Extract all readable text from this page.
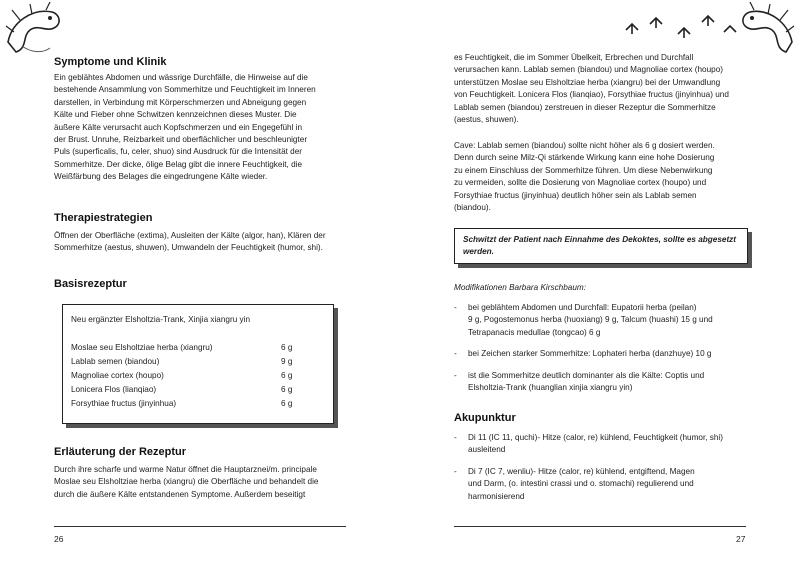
Symptome und Klinik
Ein geblähtes Abdomen und wässrige Durchfälle, die Hinweise auf die
bestehende Ansammlung von Sommerhitze und Feuchtigkeit im Inneren
darstellen, in Verbindung mit Körperschmerzen und Abneigung gegen
Kälte und Fieber ohne Schwitzen kennzeichnen dieses Muster. Die
äußere Kälte verursacht auch Kopfschmerzen und ein Engegefühl in
der Brust. Unruhe, Reizbarkeit und oberflächlicher und beschleunigter
Puls (superficalis, fu, celer, shuo) sind Ausdruck für die Intensität der
Sommerhitze. Der dicke, ölige Belag gibt die innere Feuchtigkeit, die
Weißfärbung des Belages die eingedrungene Kälte wieder.
Therapiestrategien
Öffnen der Oberfläche (extima), Ausleiten der Kälte (algor, han), Klären der
Sommerhitze (aestus, shuwen), Umwandeln der Feuchtigkeit (humor, shi).
Basisrezeptur
Neu ergänzter Elsholtzia-Trank, Xinjia xiangru yin
Moslae seu Elsholtziae herba (xiangru)	6 g
Lablab semen (biandou)	9 g
Magnoliae cortex (houpo)	6 g
Lonicera Flos (lianqiao)	6 g
Forsythiae fructus (jinyinhua)	6 g
Erläuterung der Rezeptur
Durch ihre scharfe und warme Natur öffnet die Hauptarznei/m. principale
Moslae seu Elsholtziae herba (xiangru) die Oberfläche und behandelt die
durch die äußere Kälte entstandenen Symptome. Außerdem beseitigt
26
es Feuchtigkeit, die im Sommer Übelkeit, Erbrechen und Durchfall
verursachen kann. Lablab semen (biandou) und Magnoliae cortex (houpo)
unterstützen Moslae seu Elsholtziae herba (xiangru) bei der Umwandlung
von Feuchtigkeit. Lonicera Flos (lianqiao), Forsythiae fructus (jinyinhua) und
Lablab semen (biandou) zerstreuen in dieser Rezeptur die Sommerhitze
(aestus, shuwen).
Cave: Lablab semen (biandou) sollte nicht höher als 6 g dosiert werden.
Denn durch seine Milz-Qi stärkende Wirkung kann eine hohe Dosierung
zu einem Einschluss der Sommerhitze führen. Um diese Nebenwirkung
zu vermeiden, sollte die Dosierung von Magnoliae cortex (houpo) und
Forsythiae fructus (jinyinhua) deutlich höher sein als Lablab semen
(biandou).
Schwitzt der Patient nach Einnahme des Dekoktes, sollte es abgesetzt werden.
Modifikationen Barbara Kirschbaum:
- bei geblähtem Abdomen und Durchfall: Eupatorii herba (peilan)
9 g, Pogostemonus herba (huoxiang) 9 g, Talcum (huashi) 15 g und
Tetrapanacis medullae (tongcao) 6 g
- bei Zeichen starker Sommerhitze: Lophateri herba (danzhuye) 10 g
- ist die Sommerhitze deutlich dominanter als die Kälte: Coptis und
Elsholtzia-Trank (huanglian xinjia xiangru yin)
Akupunktur
- Di 11 (IC 11, quchi)- Hitze (calor, re) kühlend, Feuchtigkeit (humor, shi)
ausleitend
- Di 7 (IC 7, wenliu)- Hitze (calor, re) kühlend, entgiftend, Magen
und Darm, (o. intestini crassi und o. stomachi) regulierend und
harmonisierend
27
